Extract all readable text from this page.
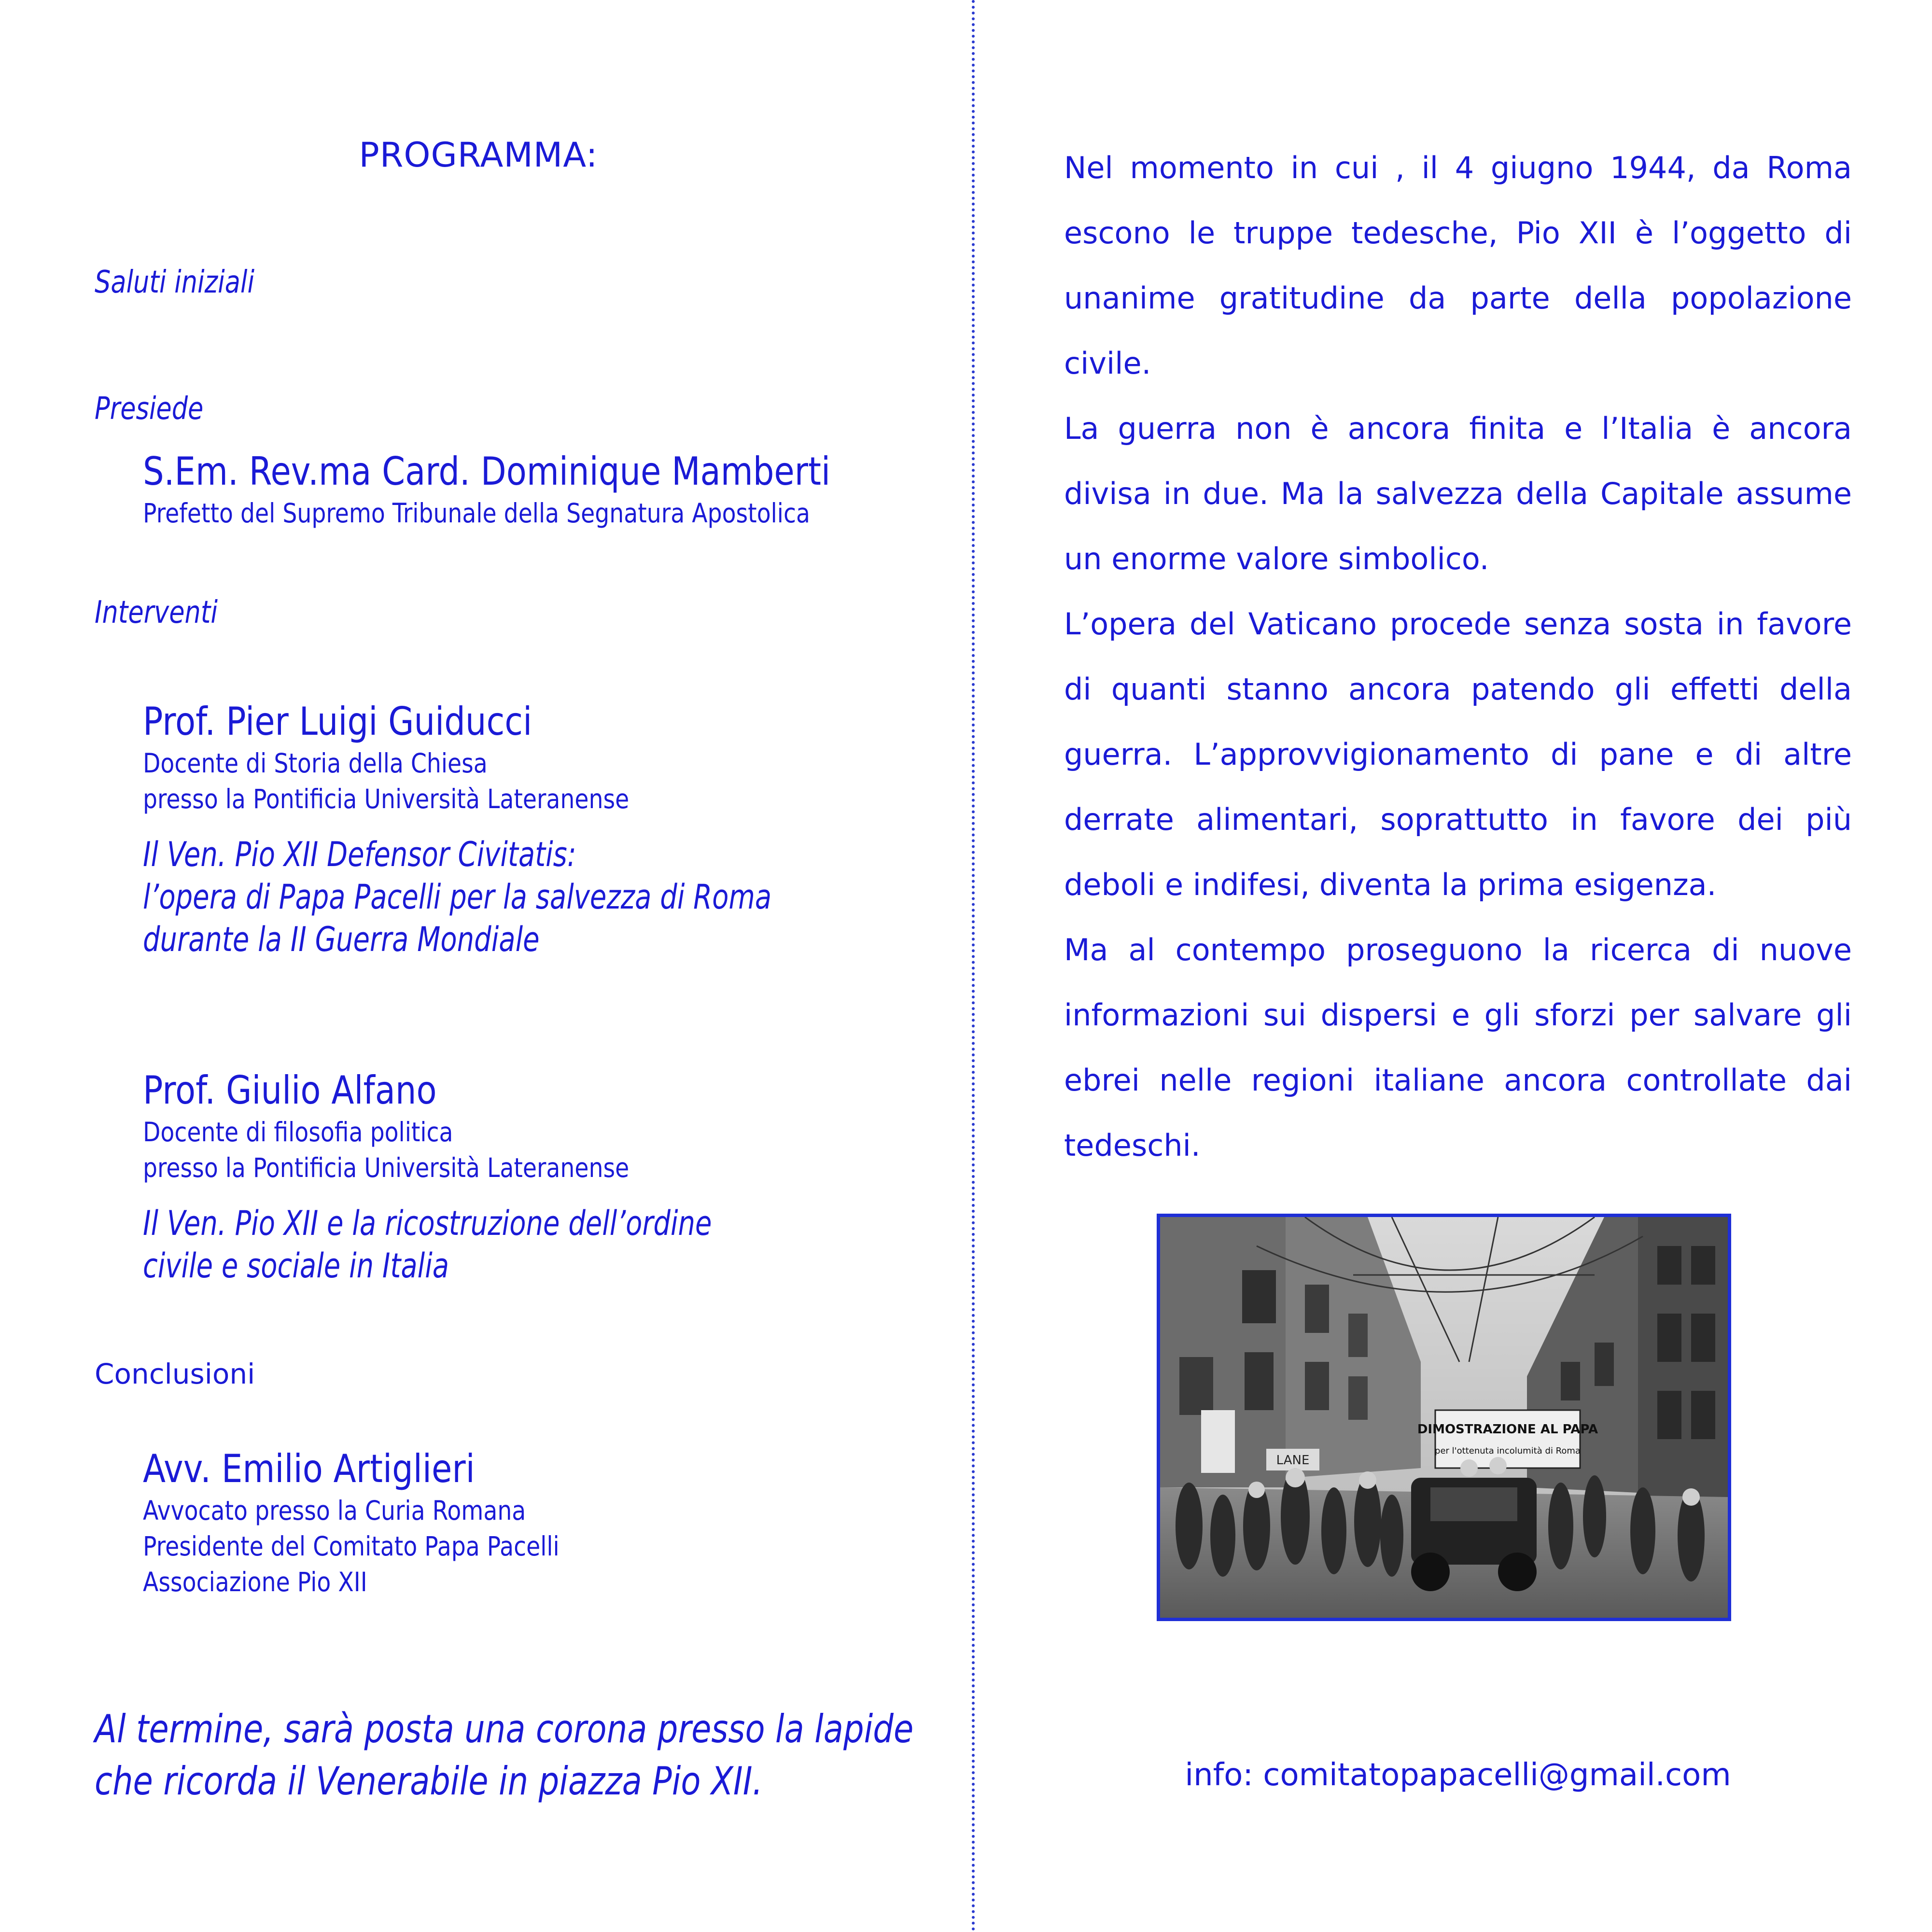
PROGRAMMA:
Saluti iniziali
Presiede
S.Em. Rev.ma Card. Dominique Mamberti
Prefetto del Supremo Tribunale della Segnatura Apostolica
Interventi
Prof. Pier Luigi Guiducci
Docente di Storia della Chiesa
presso la Pontificia Università Lateranense
Il Ven. Pio XII Defensor Civitatis:
l’opera di Papa Pacelli per la salvezza di Roma
durante la II Guerra Mondiale
Prof. Giulio Alfano
Docente di filosofia politica
presso la Pontificia Università Lateranense
Il Ven. Pio XII e la ricostruzione dell’ordine
civile e sociale in Italia
Conclusioni
Avv. Emilio Artiglieri
Avvocato presso la Curia Romana
Presidente del Comitato Papa Pacelli
Associazione Pio XII
Al termine, sarà posta una corona presso la lapide
che ricorda il Venerabile in piazza Pio XII.

Nel momento in cui , il 4 giugno 1944, da Roma escono le truppe tedesche, Pio XII è l’oggetto di unanime gratitudine da parte della popolazione civile.

La guerra non è ancora finita e l’Italia è ancora divisa in due. Ma la salvezza della Capitale assume un enorme valore simbolico.

L’opera del Vaticano procede senza sosta in favore di quanti stanno ancora patendo gli effetti della guerra. L’approvvigionamento di pane e di altre derrate alimentari, soprattutto in favore dei più deboli e indifesi, diventa la prima esigenza.

Ma al contempo proseguono la ricerca di nuove informazioni sui dispersi e gli sforzi per salvare gli ebrei nelle regioni italiane ancora controllate dai tedeschi.

LANE
DIMOSTRAZIONE AL PAPA
per l'ottenuta incolumità di Roma
info: comitatopapacelli@gmail.com
